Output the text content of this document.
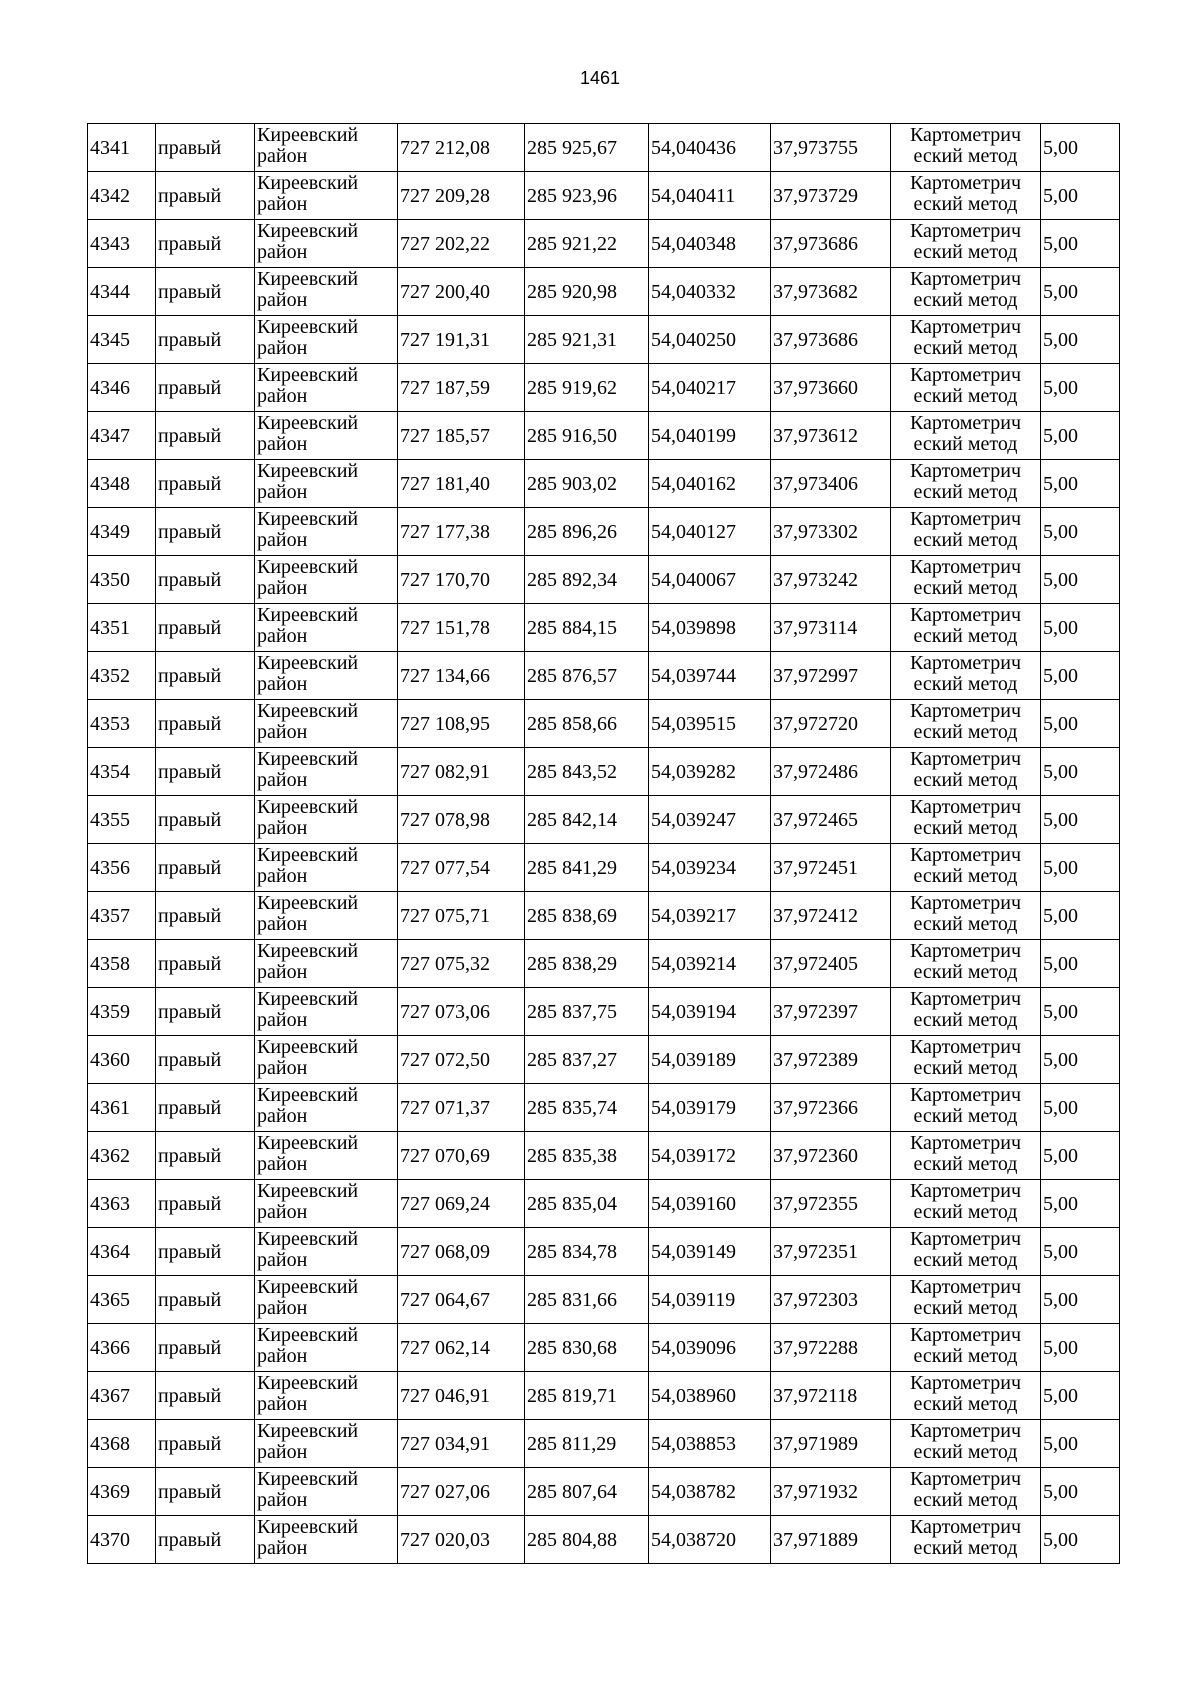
1461
4341	правый	Киреевский район	727 212,08	285 925,67	54,040436	37,973755	Картометрич еский метод	5,00
4342	правый	Киреевский район	727 209,28	285 923,96	54,040411	37,973729	Картометрич еский метод	5,00
4343	правый	Киреевский район	727 202,22	285 921,22	54,040348	37,973686	Картометрич еский метод	5,00
4344	правый	Киреевский район	727 200,40	285 920,98	54,040332	37,973682	Картометрич еский метод	5,00
4345	правый	Киреевский район	727 191,31	285 921,31	54,040250	37,973686	Картометрич еский метод	5,00
4346	правый	Киреевский район	727 187,59	285 919,62	54,040217	37,973660	Картометрич еский метод	5,00
4347	правый	Киреевский район	727 185,57	285 916,50	54,040199	37,973612	Картометрич еский метод	5,00
4348	правый	Киреевский район	727 181,40	285 903,02	54,040162	37,973406	Картометрич еский метод	5,00
4349	правый	Киреевский район	727 177,38	285 896,26	54,040127	37,973302	Картометрич еский метод	5,00
4350	правый	Киреевский район	727 170,70	285 892,34	54,040067	37,973242	Картометрич еский метод	5,00
4351	правый	Киреевский район	727 151,78	285 884,15	54,039898	37,973114	Картометрич еский метод	5,00
4352	правый	Киреевский район	727 134,66	285 876,57	54,039744	37,972997	Картометрич еский метод	5,00
4353	правый	Киреевский район	727 108,95	285 858,66	54,039515	37,972720	Картометрич еский метод	5,00
4354	правый	Киреевский район	727 082,91	285 843,52	54,039282	37,972486	Картометрич еский метод	5,00
4355	правый	Киреевский район	727 078,98	285 842,14	54,039247	37,972465	Картометрич еский метод	5,00
4356	правый	Киреевский район	727 077,54	285 841,29	54,039234	37,972451	Картометрич еский метод	5,00
4357	правый	Киреевский район	727 075,71	285 838,69	54,039217	37,972412	Картометрич еский метод	5,00
4358	правый	Киреевский район	727 075,32	285 838,29	54,039214	37,972405	Картометрич еский метод	5,00
4359	правый	Киреевский район	727 073,06	285 837,75	54,039194	37,972397	Картометрич еский метод	5,00
4360	правый	Киреевский район	727 072,50	285 837,27	54,039189	37,972389	Картометрич еский метод	5,00
4361	правый	Киреевский район	727 071,37	285 835,74	54,039179	37,972366	Картометрич еский метод	5,00
4362	правый	Киреевский район	727 070,69	285 835,38	54,039172	37,972360	Картометрич еский метод	5,00
4363	правый	Киреевский район	727 069,24	285 835,04	54,039160	37,972355	Картометрич еский метод	5,00
4364	правый	Киреевский район	727 068,09	285 834,78	54,039149	37,972351	Картометрич еский метод	5,00
4365	правый	Киреевский район	727 064,67	285 831,66	54,039119	37,972303	Картометрич еский метод	5,00
4366	правый	Киреевский район	727 062,14	285 830,68	54,039096	37,972288	Картометрич еский метод	5,00
4367	правый	Киреевский район	727 046,91	285 819,71	54,038960	37,972118	Картометрич еский метод	5,00
4368	правый	Киреевский район	727 034,91	285 811,29	54,038853	37,971989	Картометрич еский метод	5,00
4369	правый	Киреевский район	727 027,06	285 807,64	54,038782	37,971932	Картометрич еский метод	5,00
4370	правый	Киреевский район	727 020,03	285 804,88	54,038720	37,971889	Картометрич еский метод	5,00
